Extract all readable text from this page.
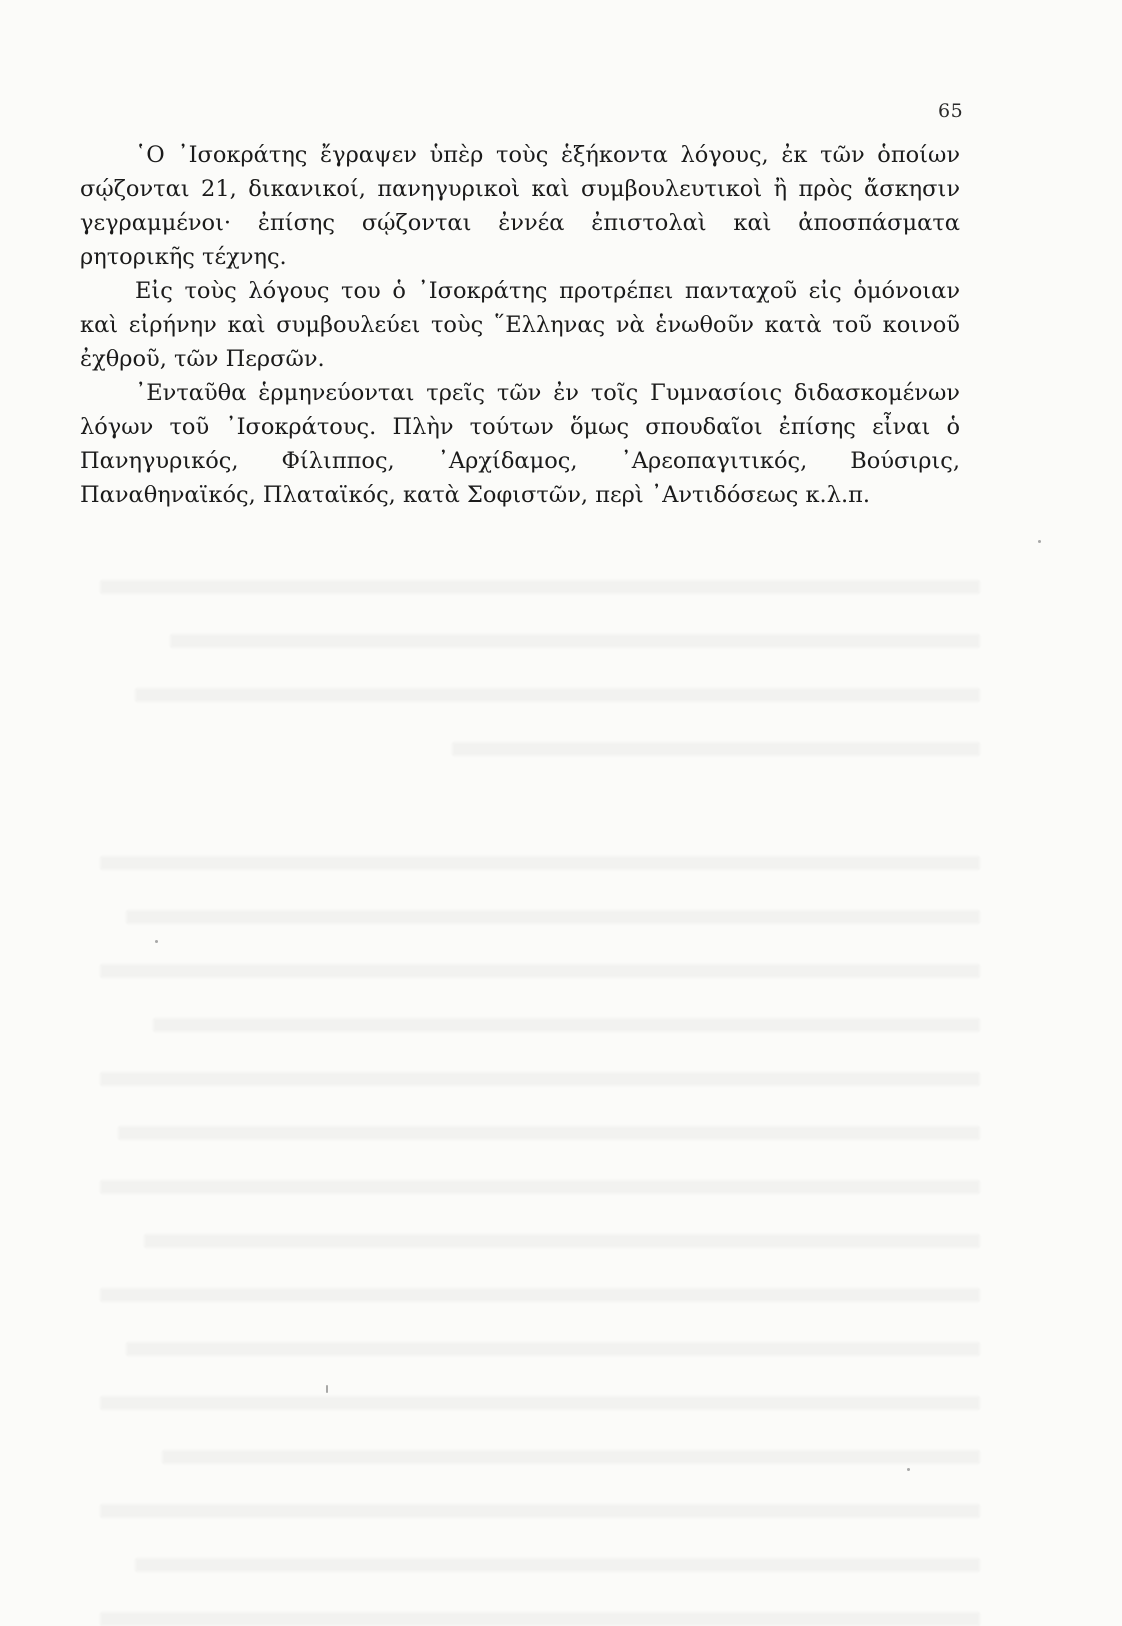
65

῾Ο ᾿Ισοκράτης ἔγραψεν ὑπὲρ τοὺς ἑξήκοντα λόγους, ἐκ τῶν ὁποίων σῴζονται 21, δικανικοί, πανηγυρικοὶ καὶ συμβουλευτικοὶ ἢ πρὸς ἄσκησιν γεγραμμένοι· ἐπίσης σῴζονται ἐννέα ἐπιστολαὶ καὶ ἀποσπάσματα ρητορικῆς τέχνης.

Εἰς τοὺς λόγους του ὁ ᾿Ισοκράτης προτρέπει πανταχοῦ εἰς ὁμόνοιαν καὶ εἰρήνην καὶ συμβουλεύει τοὺς ῞Ελληνας νὰ ἑνωθοῦν κατὰ τοῦ κοινοῦ ἐχθροῦ, τῶν Περσῶν.

᾿Ενταῦθα ἑρμηνεύονται τρεῖς τῶν ἐν τοῖς Γυμνασίοις διδασκομένων λόγων τοῦ ᾿Ισοκράτους. Πλὴν τούτων ὅμως σπουδαῖοι ἐπίσης εἶναι ὁ Πανηγυρικός, Φίλιππος, ᾿Αρχίδαμος, ᾿Αρεοπαγιτικός, Βούσιρις, Παναθηναϊκός, Πλαταϊκός, κατὰ Σοφιστῶν, περὶ ᾿Αντιδόσεως κ.λ.π.
